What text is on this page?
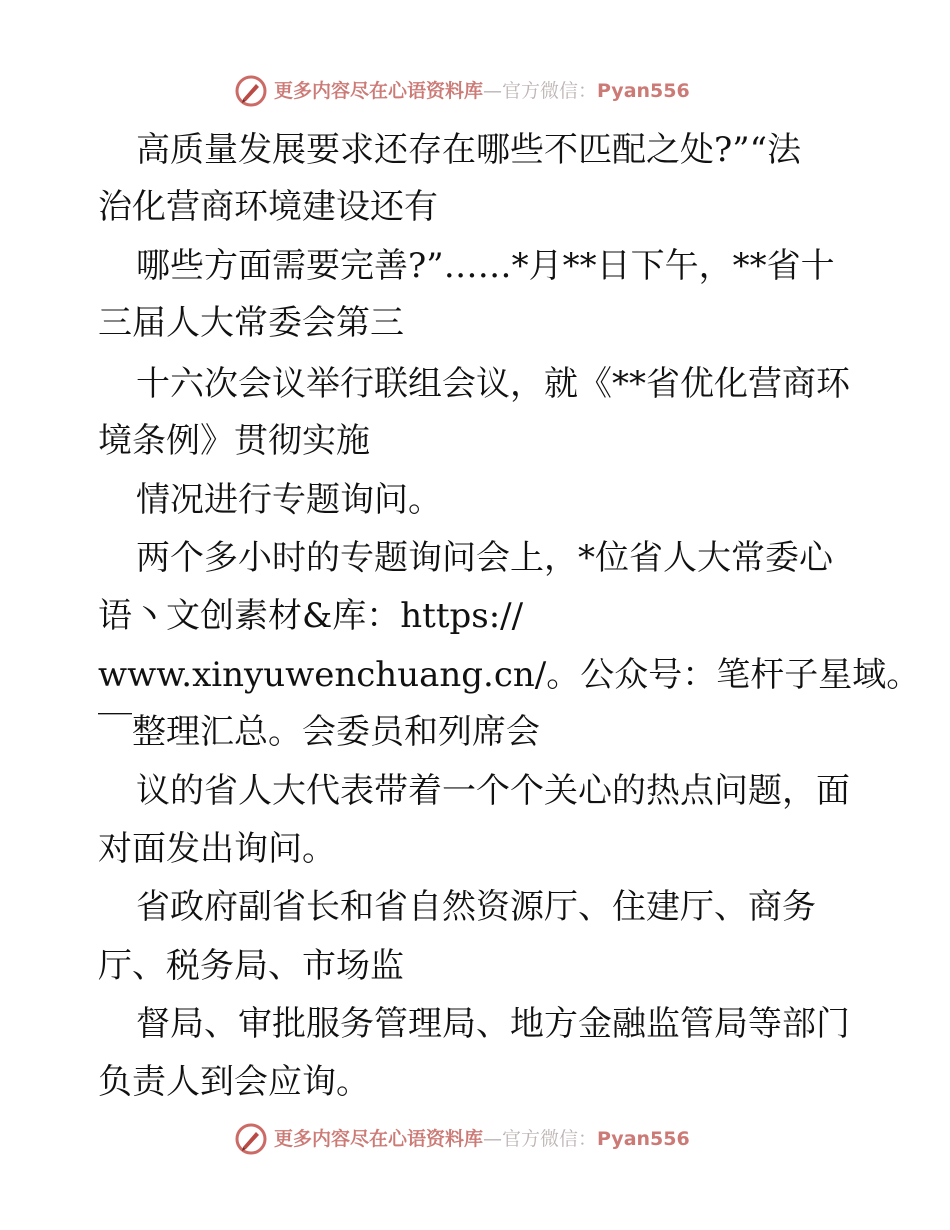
更多内容尽在心语资料库—官方微信：Pyan556
高质量发展要求还存在哪些不匹配之处?”“法
治化营商环境建设还有
哪些方面需要完善?”……*月**日下午，**省十
三届人大常委会第三
十六次会议举行联组会议，就《**省优化营商环
境条例》贯彻实施
情况进行专题询问。
两个多小时的专题询问会上，*位省人大常委心
语丶文创素材&库：https://
www.xinyuwenchuang.cn/。公众号：笔杆子星域。
￣整理汇总。会委员和列席会
议的省人大代表带着一个个关心的热点问题，面
对面发出询问。
省政府副省长和省自然资源厅、住建厅、商务
厅、税务局、市场监
督局、审批服务管理局、地方金融监管局等部门
负责人到会应询。
更多内容尽在心语资料库—官方微信：Pyan556
